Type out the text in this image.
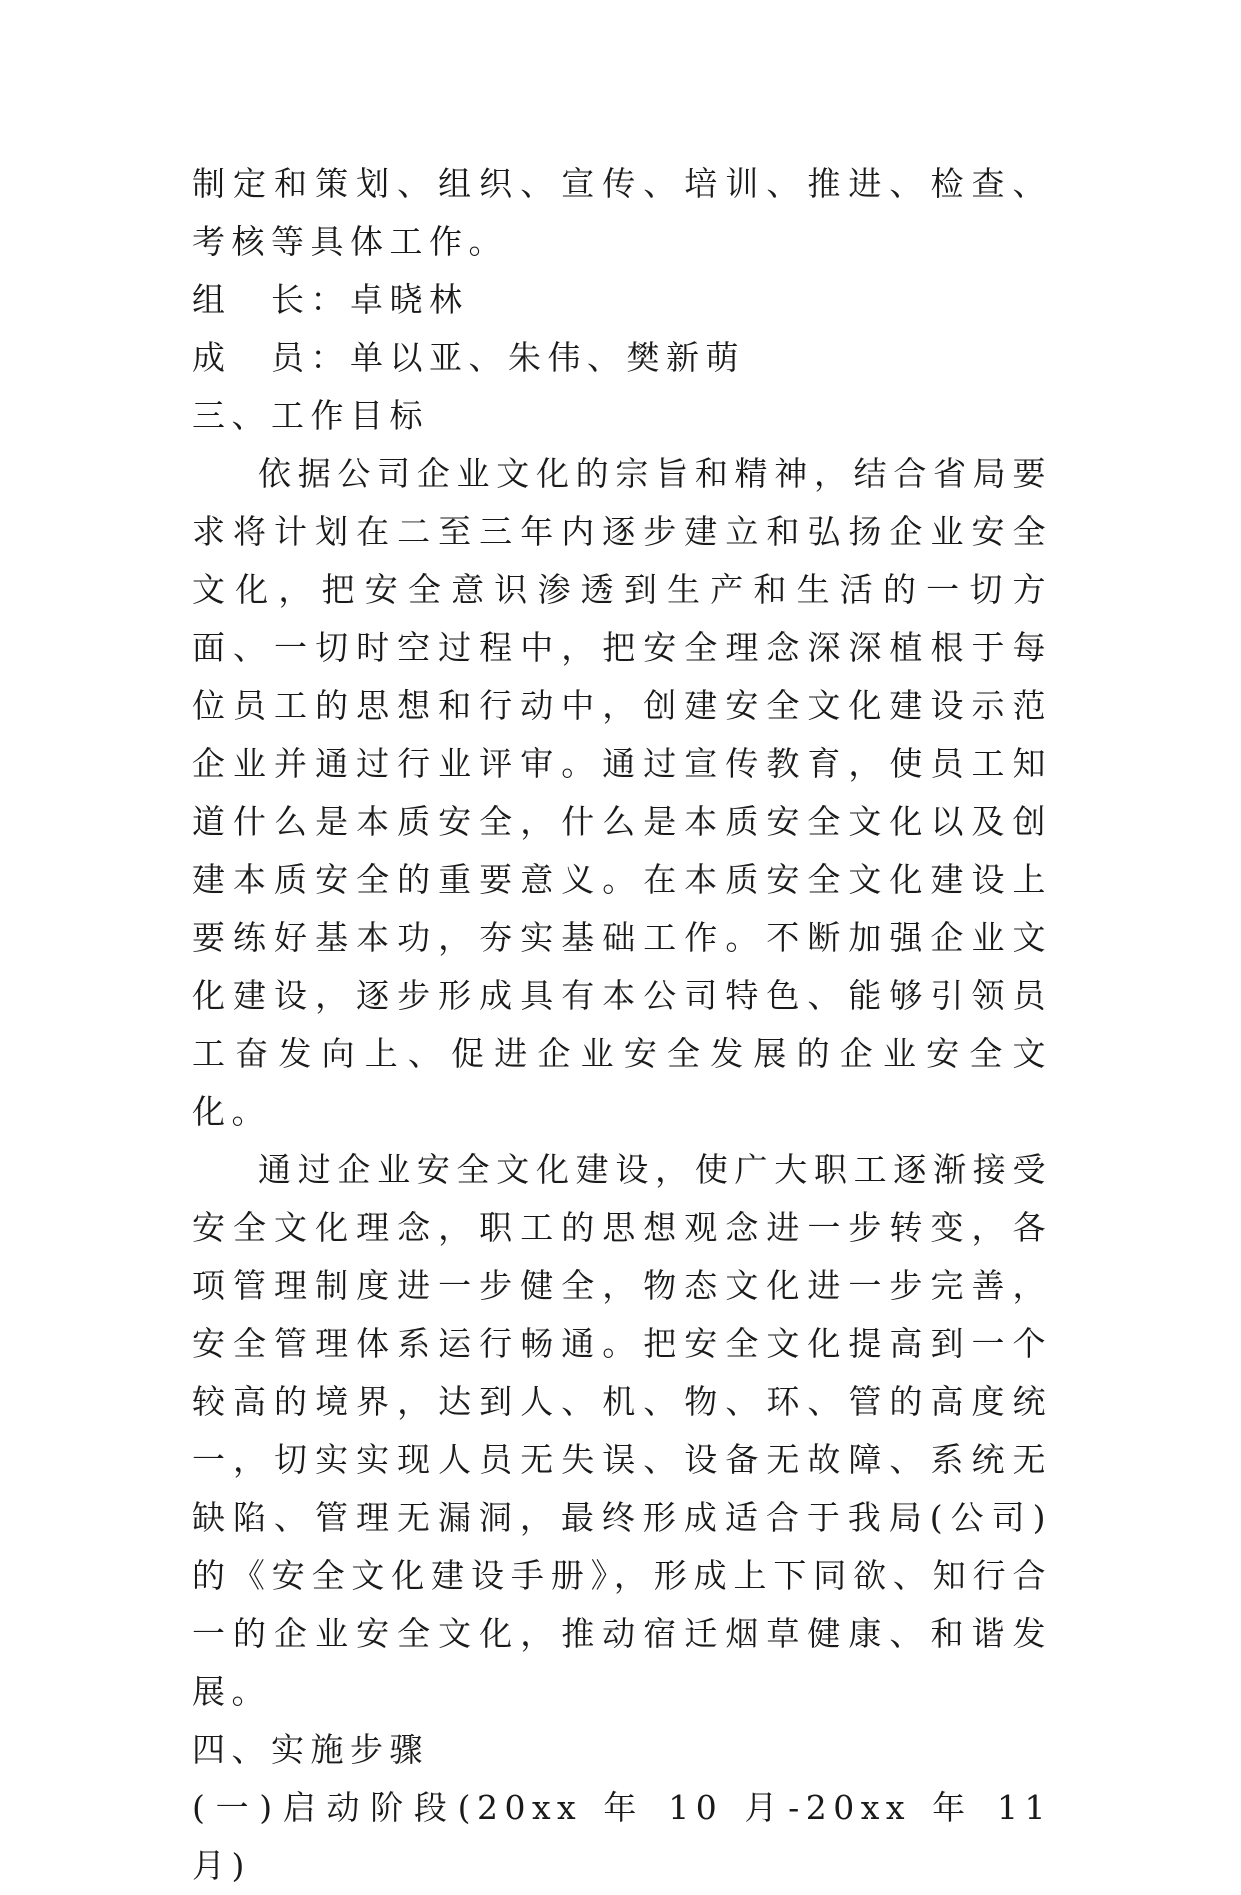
制定和策划、组织、宣传、培训、推进、检查、考核等具体工作。

组　长：卓晓林

成　员：单以亚、朱伟、樊新萌

三、工作目标

依据公司企业文化的宗旨和精神，结合省局要求将计划在二至三年内逐步建立和弘扬企业安全文化，把安全意识渗透到生产和生活的一切方面、一切时空过程中，把安全理念深深植根于每位员工的思想和行动中，创建安全文化建设示范企业并通过行业评审。通过宣传教育，使员工知道什么是本质安全，什么是本质安全文化以及创建本质安全的重要意义。在本质安全文化建设上要练好基本功，夯实基础工作。不断加强企业文化建设，逐步形成具有本公司特色、能够引领员工奋发向上、促进企业安全发展的企业安全文化。

通过企业安全文化建设，使广大职工逐渐接受安全文化理念，职工的思想观念进一步转变，各项管理制度进一步健全，物态文化进一步完善，安全管理体系运行畅通。把安全文化提高到一个较高的境界，达到人、机、物、环、管的高度统一，切实实现人员无失误、设备无故障、系统无缺陷、管理无漏洞，最终形成适合于我局(公司)的《安全文化建设手册》，形成上下同欲、知行合一的企业安全文化，推动宿迁烟草健康、和谐发展。

四、实施步骤

(一)启动阶段(20xx 年 10 月-20xx 年 11 月)
